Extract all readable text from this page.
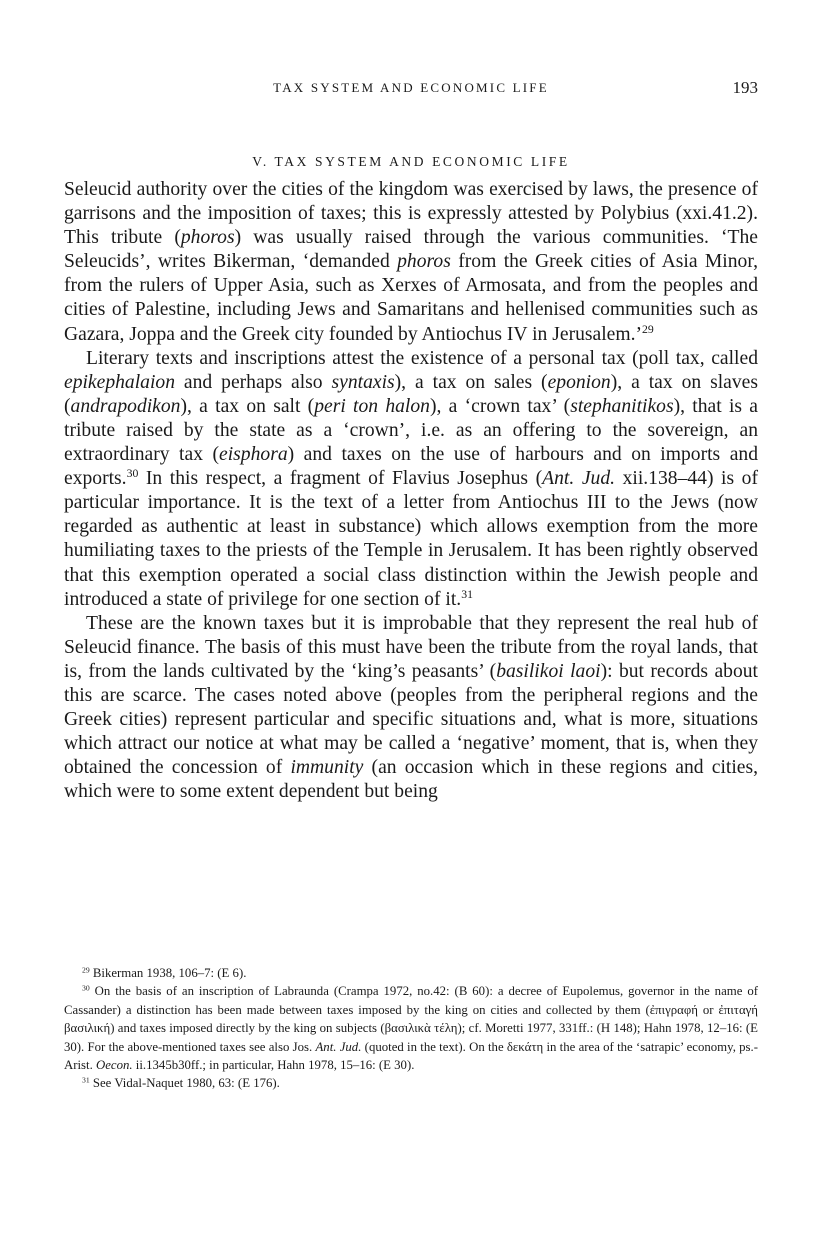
TAX SYSTEM AND ECONOMIC LIFE	193
V. TAX SYSTEM AND ECONOMIC LIFE

Seleucid authority over the cities of the kingdom was exercised by laws, the presence of garrisons and the imposition of taxes; this is expressly attested by Polybius (xxi.41.2). This tribute (phoros) was usually raised through the various communities. ‘The Seleucids’, writes Bikerman, ‘demanded phoros from the Greek cities of Asia Minor, from the rulers of Upper Asia, such as Xerxes of Armosata, and from the peoples and cities of Palestine, including Jews and Samaritans and hellenised communities such as Gazara, Joppa and the Greek city founded by Antiochus IV in Jerusalem.’$^{29}$

Literary texts and inscriptions attest the existence of a personal tax (poll tax, called epikephalaion and perhaps also syntaxis), a tax on sales (eponion), a tax on slaves (andrapodikon), a tax on salt (peri ton halon), a ‘crown tax’ (stephanitikos), that is a tribute raised by the state as a ‘crown’, i.e. as an offering to the sovereign, an extraordinary tax (eisphora) and taxes on the use of harbours and on imports and exports.$^{30}$ In this respect, a fragment of Flavius Josephus (Ant. Jud. xii.138–44) is of particular importance. It is the text of a letter from Antiochus III to the Jews (now regarded as authentic at least in substance) which allows exemption from the more humiliating taxes to the priests of the Temple in Jerusalem. It has been rightly observed that this exemption operated a social class distinction within the Jewish people and introduced a state of privilege for one section of it.$^{31}$

These are the known taxes but it is improbable that they represent the real hub of Seleucid finance. The basis of this must have been the tribute from the royal lands, that is, from the lands cultivated by the ‘king’s peasants’ (basilikoi laoi): but records about this are scarce. The cases noted above (peoples from the peripheral regions and the Greek cities) represent particular and specific situations and, what is more, situations which attract our notice at what may be called a ‘negative’ moment, that is, when they obtained the concession of immunity (an occasion which in these regions and cities, which were to some extent dependent but being

$^{29}$ Bikerman 1938, 106–7: (E 6).

$^{30}$ On the basis of an inscription of Labraunda (Crampa 1972, no.42: (B 60): a decree of Eupolemus, governor in the name of Cassander) a distinction has been made between taxes imposed by the king on cities and collected by them (ἐπιγραφή or ἐπιταγή βασιλική) and taxes imposed directly by the king on subjects (βασιλικὰ τέλη); cf. Moretti 1977, 331ff.: (H 148); Hahn 1978, 12–16: (E 30). For the above-mentioned taxes see also Jos. Ant. Jud. (quoted in the text). On the δεκάτη in the area of the ‘satrapic’ economy, ps.-Arist. Oecon. ii.1345b30ff.; in particular, Hahn 1978, 15–16: (E 30).

$^{31}$ See Vidal-Naquet 1980, 63: (E 176).
